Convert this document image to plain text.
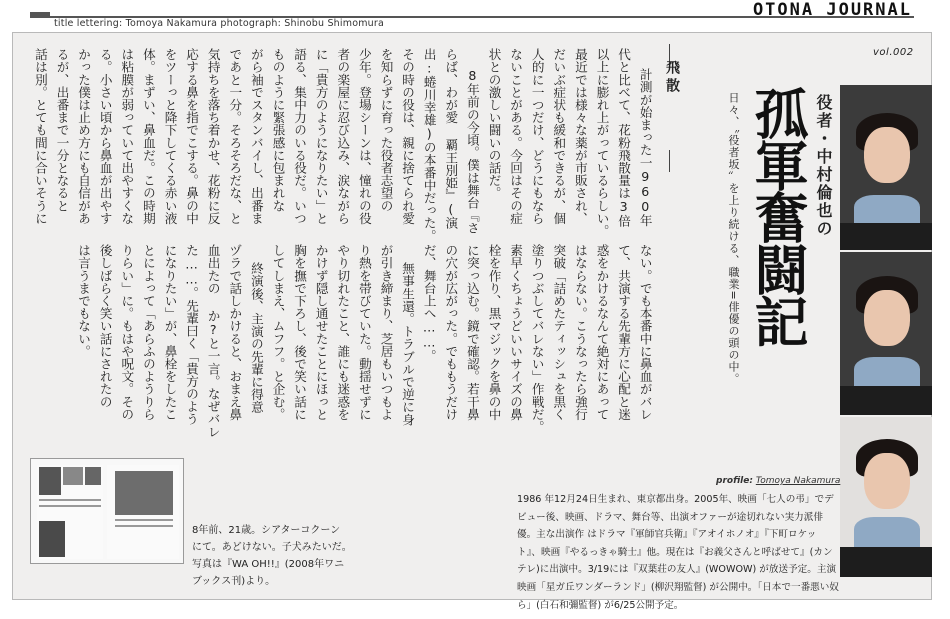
title lettering: Tomoya Nakamura photograph: Shinobu Shimomura
OTONA JOURNAL
飛散
計測が始まった一960年
代と比べて、花粉飛散量は3倍
以上に膨れ上がっているらしい。
最近では様々な薬が市販され、
だいぶ症状も緩和できるが、個
人的に一つだけ、どうにもなら
ないことがある。今回はその症
状との激しい闘いの話だ。
8年前の今頃。僕は舞台『さ
らば、わが愛 覇王別姫』(演
出:蜷川幸雄)の本番中だった。
その時の役は、親に捨てられ愛
を知らずに育った役者志望の
少年。登場シーンは、憧れの役
者の楽屋に忍び込み、涙ながら
に「貴方のようになりたい」と
語る、集中力のいる役だ。いつ
ものように緊張感に包まれな
がら袖でスタンバイし、出番ま
であと一分。そろそろだな、と
気持ちを落ち着かせ、花粉に反
応する鼻を指でこする。鼻の中
をツーっと降下してくる赤い液
体。まずい、鼻血だ。この時期
は粘膜が弱っていて出やすくな
る。小さい頃から鼻血が出やす
かった僕は止め方にも自信があ
るが、出番まで一分となると
話は別。とても間に合いそうに
ない。でも本番中に鼻血がバレ
て、共演する先輩方に心配と迷
惑をかけるなんて絶対にあって
はならない。こうなったら強行
突破「詰めたティッシュを黒く
塗りつぶしてバレない」作戦だ。
素早くちょうどいいサイズの鼻
栓を作り、黒マジックを鼻の中
に突っ込む。鏡で確認。若干鼻
の穴が広がった。でももうだけ
だ、舞台上へ……。
無事生還。トラブルで逆に身
が引き締まり、芝居もいつもよ
り熱を帯びていた。動揺せずに
やり切れたこと、誰にも迷惑を
かけず隠し通せたことにほっと
胸を撫で下ろし、後で笑い話に
してしまえ、ムフフ。と企む。
終演後、主演の先輩に得意
ヅラで話しかけると、おまえ鼻
血出たの か?と一言。なぜバレ
た……。先輩曰く「貴方のよう
になりたい」が、鼻栓をしたこ
とによって「あらふのようりら
りらい」に。もはや呪文。その
後しばらく笑い話にされたの
は言うまでもない。
vol.002
役者・中村倫也の
孤軍奮闘記
日々、〝役者坂〟を上り続ける、職業=俳優の頭の中。
profile: Tomoya Nakamura
1986 年12月24日生まれ、東京都出身。2005年、映画「七人の弔」でデビュー後、映画、ドラマ、舞台等、出演オファーが途切れない実力派俳優。主な出演作 はドラマ『軍師官兵衛』『アオイホノオ』『下町ロケット』、映画『やるっきゃ騎士』他。現在は『お義父さんと呼ばせて』(カンテレ)に出演中。3/19には『双葉荘の友人』(WOWOW) が放送予定。主演映画「星ガ丘ワンダーランド」(柳沢翔監督) が公開中。「日本で一番悪い奴ら」(白石和彌監督) が6/25公開予定。
8年前、21歳。シアターコクーン
にて。あどけない。子犬みたいだ。
写真は『WA OH!!』(2008年ワニ
ブックス刊)より。
